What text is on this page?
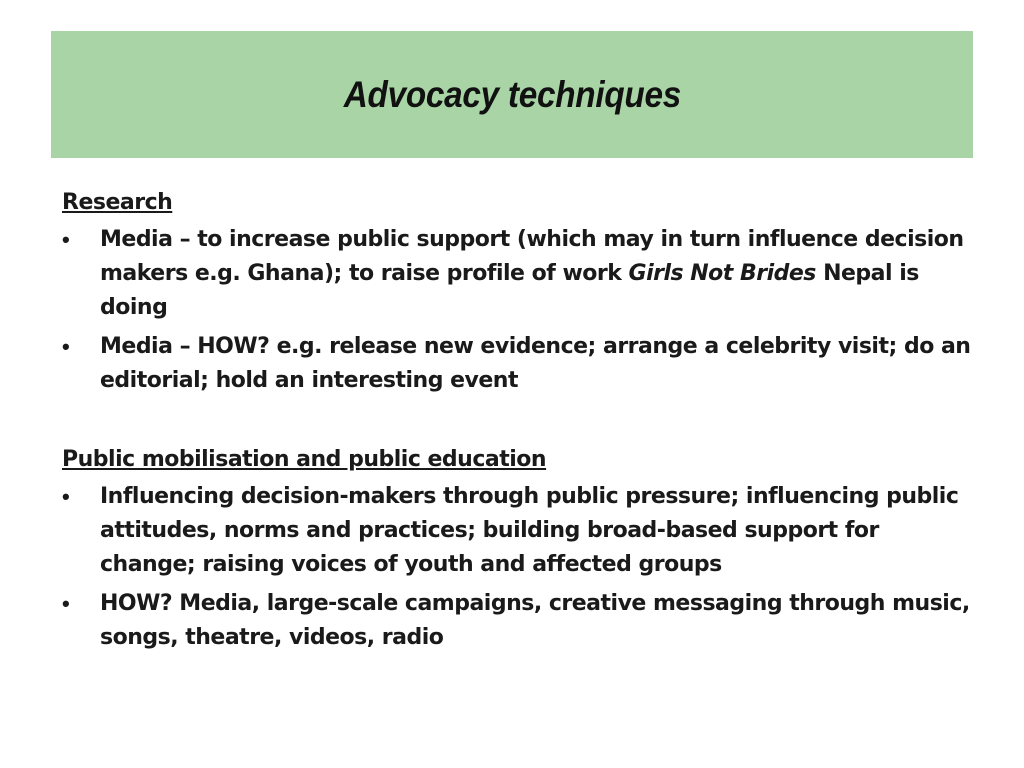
Advocacy techniques

Research

• Media – to increase public support (which may in turn influence decision makers e.g. Ghana); to raise profile of work Girls Not Brides Nepal is doing
• Media – HOW? e.g. release new evidence; arrange a celebrity visit; do an editorial; hold an interesting event

Public mobilisation and public education

• Influencing decision-makers through public pressure; influencing public attitudes, norms and practices; building broad-based support for change; raising voices of youth and affected groups
• HOW? Media, large-scale campaigns, creative messaging through music, songs, theatre, videos, radio
